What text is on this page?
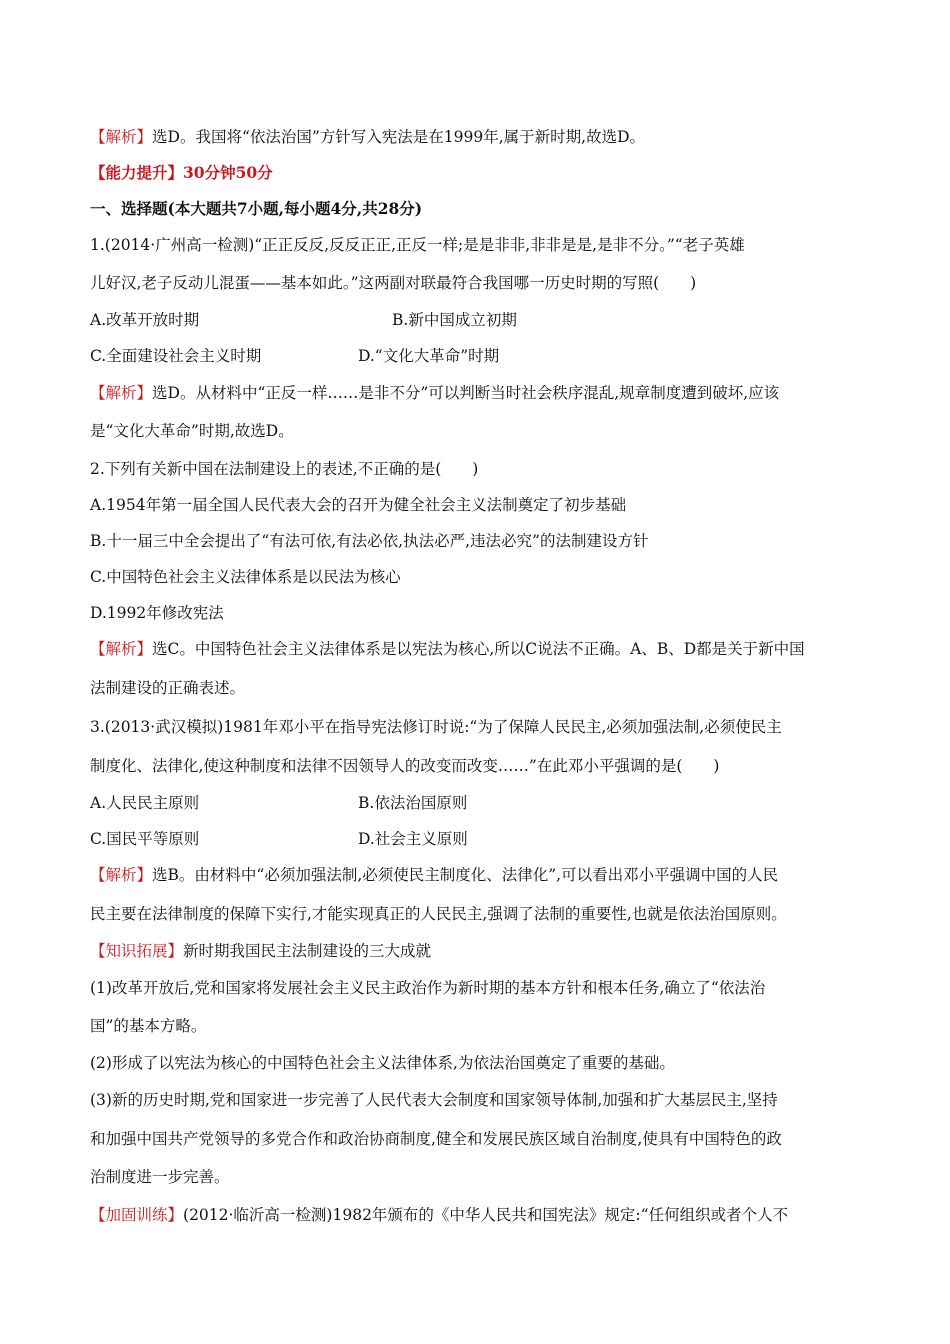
【解析】选D。我国将“依法治国”方针写入宪法是在1999年,属于新时期,故选D。
【能力提升】30分钟50分
一、选择题(本大题共7小题,每小题4分,共28分)
1.(2014·广州高一检测)“正正反反,反反正正,正反一样;是是非非,非非是是,是非不分。”“老子英雄
儿好汉,老子反动儿混蛋——基本如此。”这两副对联最符合我国哪一历史时期的写照(　　)
A.改革开放时期	B.新中国成立初期
C.全面建设社会主义时期	D.“文化大革命”时期
【解析】选D。从材料中“正反一样……是非不分”可以判断当时社会秩序混乱,规章制度遭到破坏,应该
是“文化大革命”时期,故选D。
2.下列有关新中国在法制建设上的表述,不正确的是(　　)
A.1954年第一届全国人民代表大会的召开为健全社会主义法制奠定了初步基础
B.十一届三中全会提出了“有法可依,有法必依,执法必严,违法必究”的法制建设方针
C.中国特色社会主义法律体系是以民法为核心
D.1992年修改宪法
【解析】选C。中国特色社会主义法律体系是以宪法为核心,所以C说法不正确。A、B、D都是关于新中国
法制建设的正确表述。
3.(2013·武汉模拟)1981年邓小平在指导宪法修订时说:“为了保障人民民主,必须加强法制,必须使民主
制度化、法律化,使这种制度和法律不因领导人的改变而改变……”在此邓小平强调的是(　　)
A.人民民主原则	B.依法治国原则
C.国民平等原则	D.社会主义原则
【解析】选B。由材料中“必须加强法制,必须使民主制度化、法律化”,可以看出邓小平强调中国的人民
民主要在法律制度的保障下实行,才能实现真正的人民民主,强调了法制的重要性,也就是依法治国原则。
【知识拓展】新时期我国民主法制建设的三大成就
(1)改革开放后,党和国家将发展社会主义民主政治作为新时期的基本方针和根本任务,确立了“依法治
国”的基本方略。
(2)形成了以宪法为核心的中国特色社会主义法律体系,为依法治国奠定了重要的基础。
(3)新的历史时期,党和国家进一步完善了人民代表大会制度和国家领导体制,加强和扩大基层民主,坚持
和加强中国共产党领导的多党合作和政治协商制度,健全和发展民族区域自治制度,使具有中国特色的政
治制度进一步完善。
【加固训练】(2012·临沂高一检测)1982年颁布的《中华人民共和国宪法》规定:“任何组织或者个人不
